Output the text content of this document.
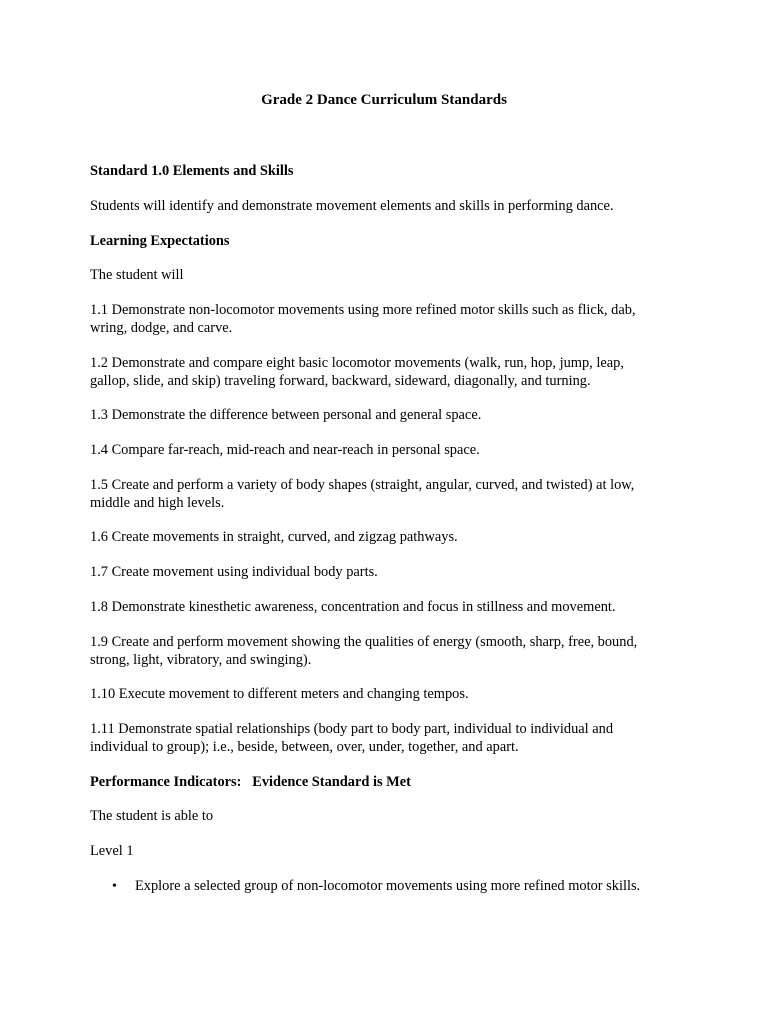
Grade 2 Dance Curriculum Standards
Standard 1.0 Elements and Skills
Students will identify and demonstrate movement elements and skills in performing dance.
Learning Expectations
The student will
1.1 Demonstrate non-locomotor movements using more refined motor skills such as flick, dab,
wring, dodge, and carve.
1.2 Demonstrate and compare eight basic locomotor movements (walk, run, hop, jump, leap,
gallop, slide, and skip) traveling forward, backward, sideward, diagonally, and turning.
1.3 Demonstrate the difference between personal and general space.
1.4 Compare far-reach, mid-reach and near-reach in personal space.
1.5 Create and perform a variety of body shapes (straight, angular, curved, and twisted) at low,
middle and high levels.
1.6 Create movements in straight, curved, and zigzag pathways.
1.7 Create movement using individual body parts.
1.8 Demonstrate kinesthetic awareness, concentration and focus in stillness and movement.
1.9 Create and perform movement showing the qualities of energy (smooth, sharp, free, bound,
strong, light, vibratory, and swinging).
1.10 Execute movement to different meters and changing tempos.
1.11 Demonstrate spatial relationships (body part to body part, individual to individual and
individual to group); i.e., beside, between, over, under, together, and apart.
Performance Indicators:   Evidence Standard is Met
The student is able to
Level 1
• Explore a selected group of non-locomotor movements using more refined motor skills.
